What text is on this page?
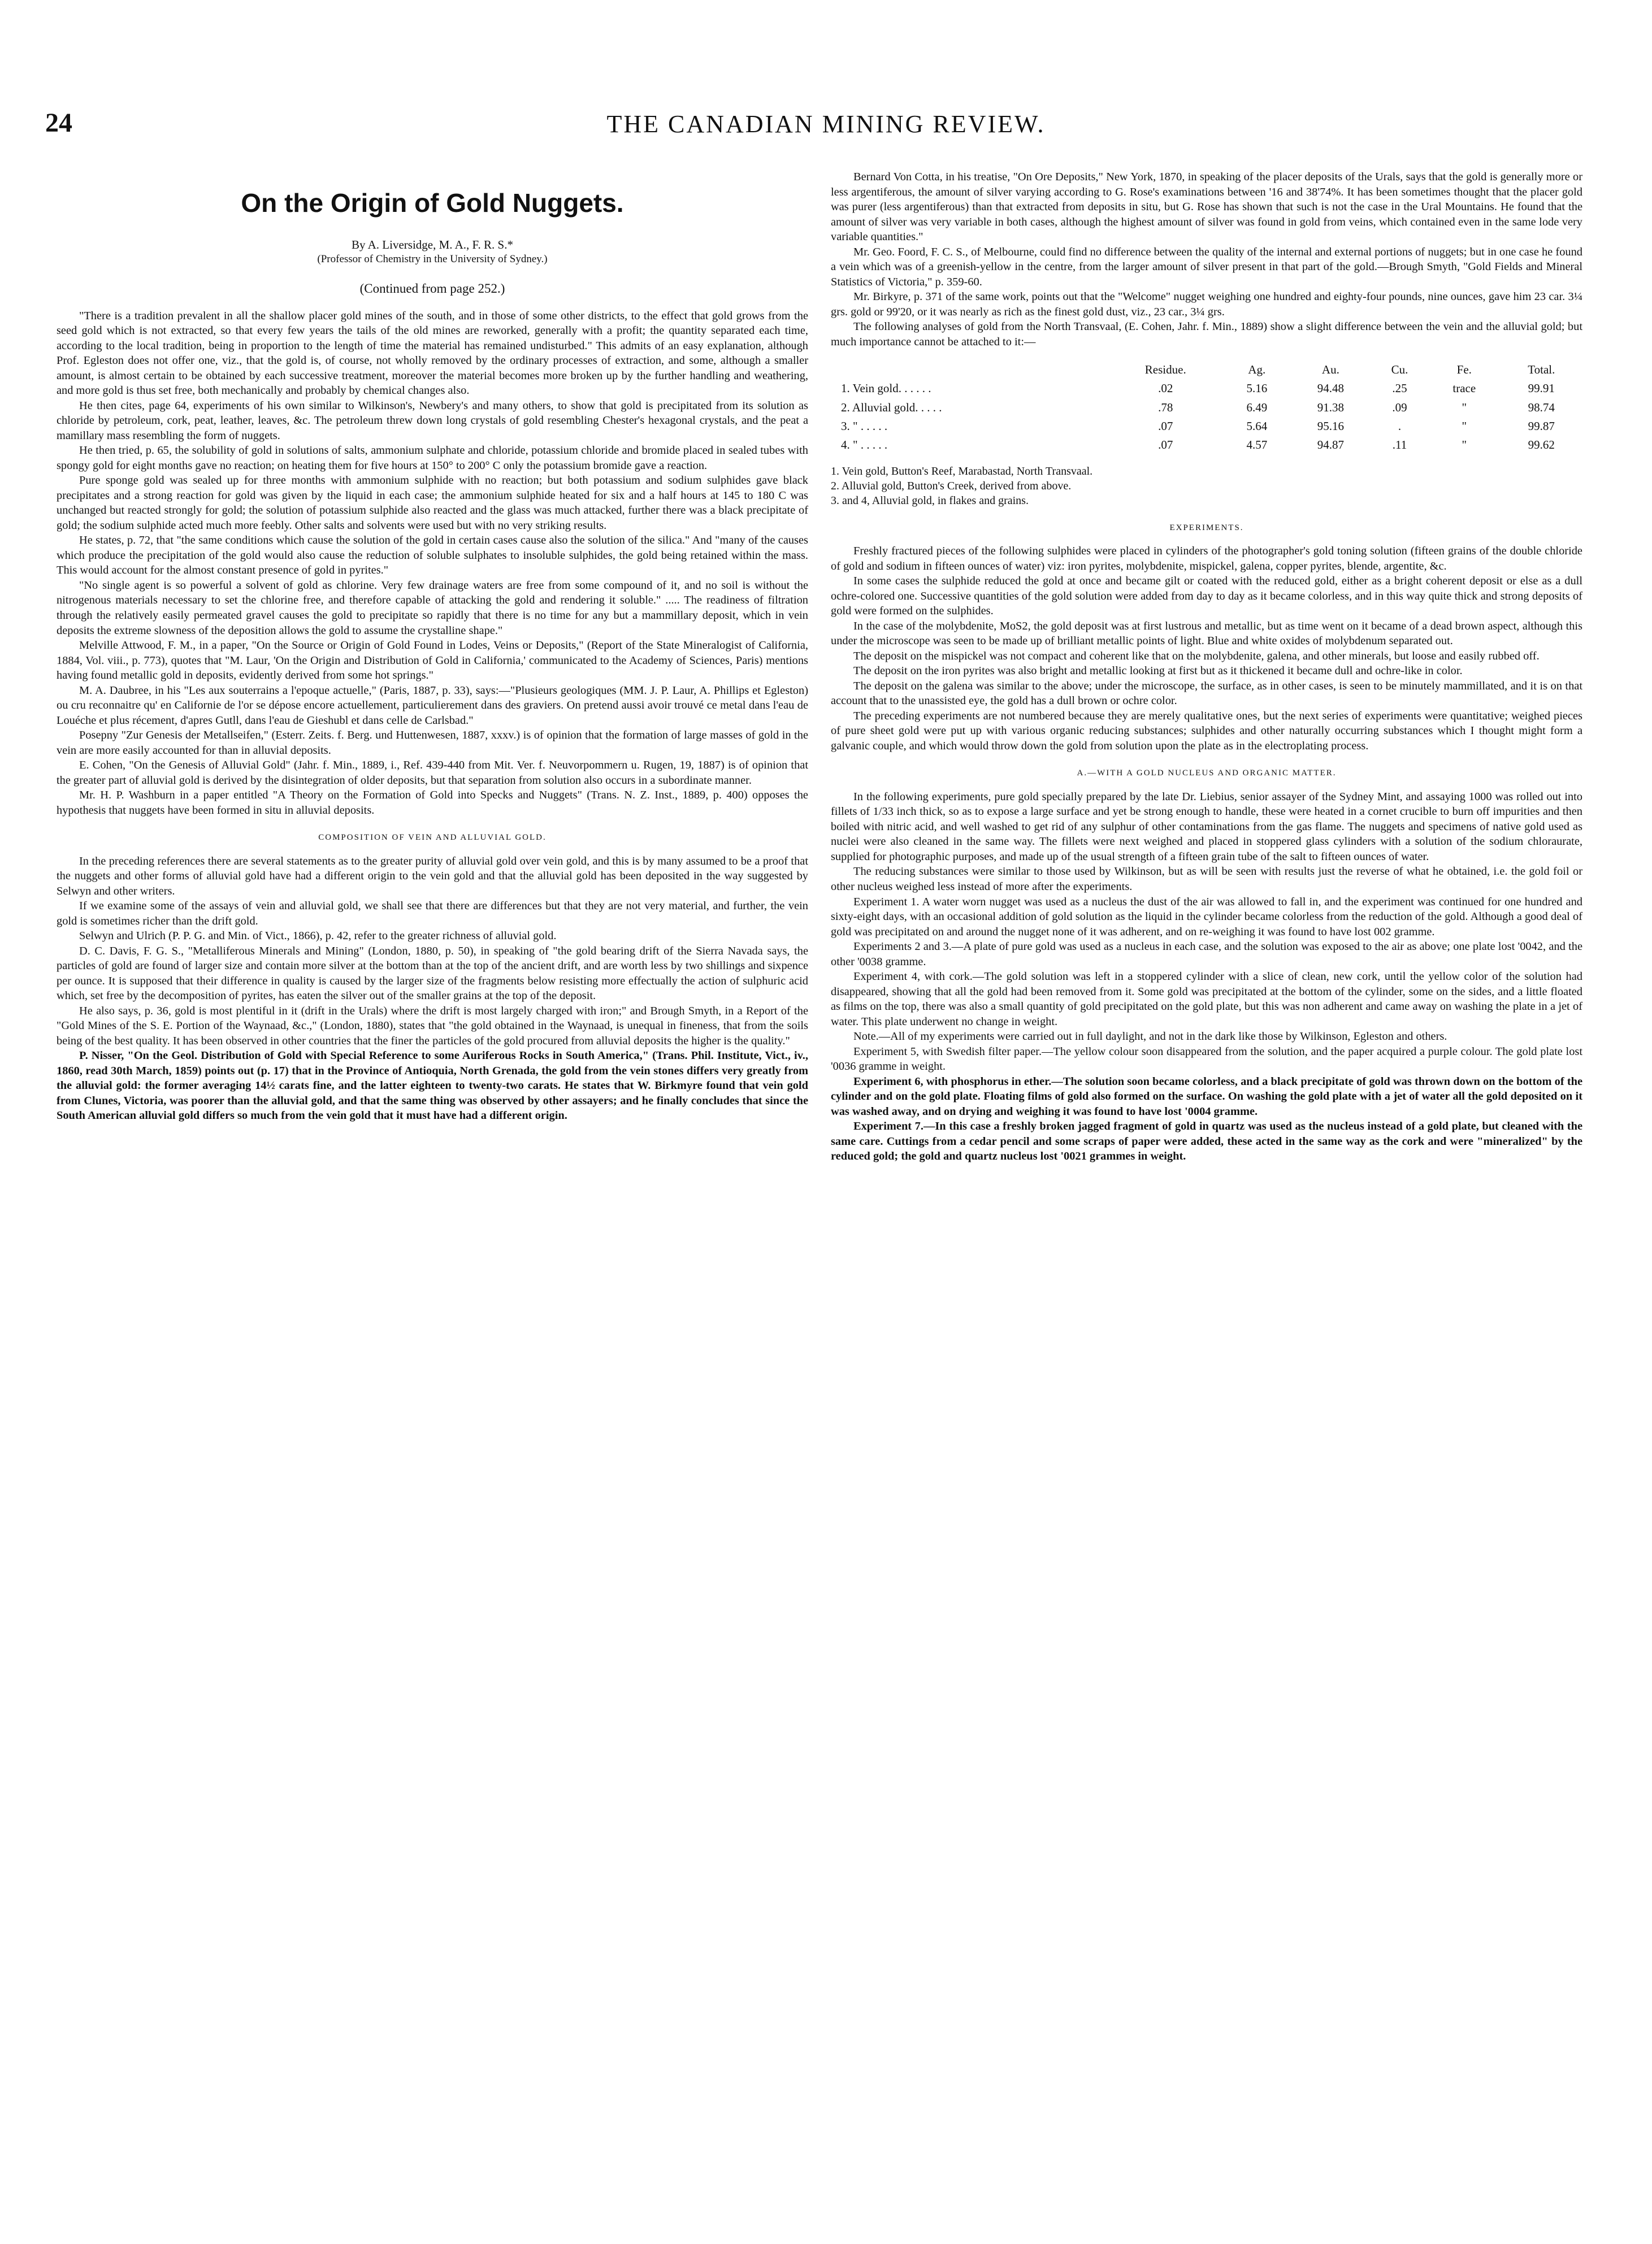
24	THE CANADIAN MINING REVIEW.
On the Origin of Gold Nuggets.

By A. Liversidge, M. A., F. R. S.*

(Professor of Chemistry in the University of Sydney.)

(Continued from page 252.)

"There is a tradition prevalent in all the shallow placer gold mines of the south, and in those of some other districts, to the effect that gold grows from the seed gold which is not extracted, so that every few years the tails of the old mines are reworked, generally with a profit; the quantity separated each time, according to the local tradition, being in proportion to the length of time the material has remained undisturbed." This admits of an easy explanation, although Prof. Egleston does not offer one, viz., that the gold is, of course, not wholly removed by the ordinary processes of extraction, and some, although a smaller amount, is almost certain to be obtained by each successive treatment, moreover the material becomes more broken up by the further handling and weathering, and more gold is thus set free, both mechanically and probably by chemical changes also.

He then cites, page 64, experiments of his own similar to Wilkinson's, Newbery's and many others, to show that gold is precipitated from its solution as chloride by petroleum, cork, peat, leather, leaves, &c. The petroleum threw down long crystals of gold resembling Chester's hexagonal crystals, and the peat a mamillary mass resembling the form of nuggets.

He then tried, p. 65, the solubility of gold in solutions of salts, ammonium sulphate and chloride, potassium chloride and bromide placed in sealed tubes with spongy gold for eight months gave no reaction; on heating them for five hours at 150° to 200° C only the potassium bromide gave a reaction.

Pure sponge gold was sealed up for three months with ammonium sulphide with no reaction; but both potassium and sodium sulphides gave black precipitates and a strong reaction for gold was given by the liquid in each case; the ammonium sulphide heated for six and a half hours at 145 to 180 C was unchanged but reacted strongly for gold; the solution of potassium sulphide also reacted and the glass was much attacked, further there was a black precipitate of gold; the sodium sulphide acted much more feebly. Other salts and solvents were used but with no very striking results.

He states, p. 72, that "the same conditions which cause the solution of the gold in certain cases cause also the solution of the silica." And "many of the causes which produce the precipitation of the gold would also cause the reduction of soluble sulphates to insoluble sulphides, the gold being retained within the mass. This would account for the almost constant presence of gold in pyrites."

"No single agent is so powerful a solvent of gold as chlorine. Very few drainage waters are free from some compound of it, and no soil is without the nitrogenous materials necessary to set the chlorine free, and therefore capable of attacking the gold and rendering it soluble." ..... The readiness of filtration through the relatively easily permeated gravel causes the gold to precipitate so rapidly that there is no time for any but a mammillary deposit, which in vein deposits the extreme slowness of the deposition allows the gold to assume the crystalline shape."

Melville Attwood, F. M., in a paper, "On the Source or Origin of Gold Found in Lodes, Veins or Deposits," (Report of the State Mineralogist of California, 1884, Vol. viii., p. 773), quotes that "M. Laur, 'On the Origin and Distribution of Gold in California,' communicated to the Academy of Sciences, Paris) mentions having found metallic gold in deposits, evidently derived from some hot springs."

M. A. Daubree, in his "Les aux souterrains a l'epoque actuelle," (Paris, 1887, p. 33), says:—"Plusieurs geologiques (MM. J. P. Laur, A. Phillips et Egleston) ou cru reconnaitre qu' en Californie de l'or se dépose encore actuellement, particulierement dans des graviers. On pretend aussi avoir trouvé ce metal dans l'eau de Louéche et plus récement, d'apres Gutll, dans l'eau de Gieshubl et dans celle de Carlsbad."

Posepny "Zur Genesis der Metallseifen," (Esterr. Zeits. f. Berg. und Huttenwesen, 1887, xxxv.) is of opinion that the formation of large masses of gold in the vein are more easily accounted for than in alluvial deposits.

E. Cohen, "On the Genesis of Alluvial Gold" (Jahr. f. Min., 1889, i., Ref. 439-440 from Mit. Ver. f. Neuvorpommern u. Rugen, 19, 1887) is of opinion that the greater part of alluvial gold is derived by the disintegration of older deposits, but that separation from solution also occurs in a subordinate manner.

Mr. H. P. Washburn in a paper entitled "A Theory on the Formation of Gold into Specks and Nuggets" (Trans. N. Z. Inst., 1889, p. 400) opposes the hypothesis that nuggets have been formed in situ in alluvial deposits.

COMPOSITION OF VEIN AND ALLUVIAL GOLD.

In the preceding references there are several statements as to the greater purity of alluvial gold over vein gold, and this is by many assumed to be a proof that the nuggets and other forms of alluvial gold have had a different origin to the vein gold and that the alluvial gold has been deposited in the way suggested by Selwyn and other writers.

If we examine some of the assays of vein and alluvial gold, we shall see that there are differences but that they are not very material, and further, the vein gold is sometimes richer than the drift gold.

Selwyn and Ulrich (P. P. G. and Min. of Vict., 1866), p. 42, refer to the greater richness of alluvial gold.

D. C. Davis, F. G. S., "Metalliferous Minerals and Mining" (London, 1880, p. 50), in speaking of "the gold bearing drift of the Sierra Navada says, the particles of gold are found of larger size and contain more silver at the bottom than at the top of the ancient drift, and are worth less by two shillings and sixpence per ounce. It is supposed that their difference in quality is caused by the larger size of the fragments below resisting more effectually the action of sulphuric acid which, set free by the decomposition of pyrites, has eaten the silver out of the smaller grains at the top of the deposit.

He also says, p. 36, gold is most plentiful in it (drift in the Urals) where the drift is most largely charged with iron;" and Brough Smyth, in a Report of the "Gold Mines of the S. E. Portion of the Waynaad, &c.," (London, 1880), states that "the gold obtained in the Waynaad, is unequal in fineness, that from the soils being of the best quality. It has been observed in other countries that the finer the particles of the gold procured from alluvial deposits the higher is the quality."

P. Nisser, "On the Geol. Distribution of Gold with Special Reference to some Auriferous Rocks in South America," (Trans. Phil. Institute, Vict., iv., 1860, read 30th March, 1859) points out (p. 17) that in the Province of Antioquia, North Grenada, the gold from the vein stones differs very greatly from the alluvial gold: the former averaging 14½ carats fine, and the latter eighteen to twenty-two carats. He states that W. Birkmyre found that vein gold from Clunes, Victoria, was poorer than the alluvial gold, and that the same thing was observed by other assayers; and he finally concludes that since the South American alluvial gold differs so much from the vein gold that it must have had a different origin.

Bernard Von Cotta, in his treatise, "On Ore Deposits," New York, 1870, in speaking of the placer deposits of the Urals, says that the gold is generally more or less argentiferous, the amount of silver varying according to G. Rose's examinations between '16 and 38'74%. It has been sometimes thought that the placer gold was purer (less argentiferous) than that extracted from deposits in situ, but G. Rose has shown that such is not the case in the Ural Mountains. He found that the amount of silver was very variable in both cases, although the highest amount of silver was found in gold from veins, which contained even in the same lode very variable quantities."

Mr. Geo. Foord, F. C. S., of Melbourne, could find no difference between the quality of the internal and external portions of nuggets; but in one case he found a vein which was of a greenish-yellow in the centre, from the larger amount of silver present in that part of the gold.—Brough Smyth, "Gold Fields and Mineral Statistics of Victoria," p. 359-60.

Mr. Birkyre, p. 371 of the same work, points out that the "Welcome" nugget weighing one hundred and eighty-four pounds, nine ounces, gave him 23 car. 3¼ grs. gold or 99'20, or it was nearly as rich as the finest gold dust, viz., 23 car., 3¼ grs.

The following analyses of gold from the North Transvaal, (E. Cohen, Jahr. f. Min., 1889) show a slight difference between the vein and the alluvial gold; but much importance cannot be attached to it:—

	Residue.	Ag.	Au.	Cu.	Fe.	Total.
1. Vein gold. . . . . .	.02	5.16	94.48	.25	trace	99.91
2. Alluvial gold. . . . .	.78	6.49	91.38	.09	"	98.74
3. " . . . . .	.07	5.64	95.16	.	"	99.87
4. " . . . . .	.07	4.57	94.87	.11	"	99.62
1. Vein gold, Button's Reef, Marabastad, North Transvaal.
2. Alluvial gold, Button's Creek, derived from above.
3. and 4, Alluvial gold, in flakes and grains.
EXPERIMENTS.

Freshly fractured pieces of the following sulphides were placed in cylinders of the photographer's gold toning solution (fifteen grains of the double chloride of gold and sodium in fifteen ounces of water) viz: iron pyrites, molybdenite, mispickel, galena, copper pyrites, blende, argentite, &c.

In some cases the sulphide reduced the gold at once and became gilt or coated with the reduced gold, either as a bright coherent deposit or else as a dull ochre-colored one. Successive quantities of the gold solution were added from day to day as it became colorless, and in this way quite thick and strong deposits of gold were formed on the sulphides.

In the case of the molybdenite, MoS2, the gold deposit was at first lustrous and metallic, but as time went on it became of a dead brown aspect, although this under the microscope was seen to be made up of brilliant metallic points of light. Blue and white oxides of molybdenum separated out.

The deposit on the mispickel was not compact and coherent like that on the molybdenite, galena, and other minerals, but loose and easily rubbed off.

The deposit on the iron pyrites was also bright and metallic looking at first but as it thickened it became dull and ochre-like in color.

The deposit on the galena was similar to the above; under the microscope, the surface, as in other cases, is seen to be minutely mammillated, and it is on that account that to the unassisted eye, the gold has a dull brown or ochre color.

The preceding experiments are not numbered because they are merely qualitative ones, but the next series of experiments were quantitative; weighed pieces of pure sheet gold were put up with various organic reducing substances; sulphides and other naturally occurring substances which I thought might form a galvanic couple, and which would throw down the gold from solution upon the plate as in the electroplating process.

A.—WITH A GOLD NUCLEUS AND ORGANIC MATTER.

In the following experiments, pure gold specially prepared by the late Dr. Liebius, senior assayer of the Sydney Mint, and assaying 1000 was rolled out into fillets of 1/33 inch thick, so as to expose a large surface and yet be strong enough to handle, these were heated in a cornet crucible to burn off impurities and then boiled with nitric acid, and well washed to get rid of any sulphur of other contaminations from the gas flame. The nuggets and specimens of native gold used as nuclei were also cleaned in the same way. The fillets were next weighed and placed in stoppered glass cylinders with a solution of the sodium chloraurate, supplied for photographic purposes, and made up of the usual strength of a fifteen grain tube of the salt to fifteen ounces of water.

The reducing substances were similar to those used by Wilkinson, but as will be seen with results just the reverse of what he obtained, i.e. the gold foil or other nucleus weighed less instead of more after the experiments.

Experiment 1. A water worn nugget was used as a nucleus the dust of the air was allowed to fall in, and the experiment was continued for one hundred and sixty-eight days, with an occasional addition of gold solution as the liquid in the cylinder became colorless from the reduction of the gold. Although a good deal of gold was precipitated on and around the nugget none of it was adherent, and on re-weighing it was found to have lost 002 gramme.

Experiments 2 and 3.—A plate of pure gold was used as a nucleus in each case, and the solution was exposed to the air as above; one plate lost '0042, and the other '0038 gramme.

Experiment 4, with cork.—The gold solution was left in a stoppered cylinder with a slice of clean, new cork, until the yellow color of the solution had disappeared, showing that all the gold had been removed from it. Some gold was precipitated at the bottom of the cylinder, some on the sides, and a little floated as films on the top, there was also a small quantity of gold precipitated on the gold plate, but this was non adherent and came away on washing the plate in a jet of water. This plate underwent no change in weight.

Note.—All of my experiments were carried out in full daylight, and not in the dark like those by Wilkinson, Egleston and others.

Experiment 5, with Swedish filter paper.—The yellow colour soon disappeared from the solution, and the paper acquired a purple colour. The gold plate lost '0036 gramme in weight.

Experiment 6, with phosphorus in ether.—The solution soon became colorless, and a black precipitate of gold was thrown down on the bottom of the cylinder and on the gold plate. Floating films of gold also formed on the surface. On washing the gold plate with a jet of water all the gold deposited on it was washed away, and on drying and weighing it was found to have lost '0004 gramme.

Experiment 7.—In this case a freshly broken jagged fragment of gold in quartz was used as the nucleus instead of a gold plate, but cleaned with the same care. Cuttings from a cedar pencil and some scraps of paper were added, these acted in the same way as the cork and were "mineralized" by the reduced gold; the gold and quartz nucleus lost '0021 grammes in weight.
